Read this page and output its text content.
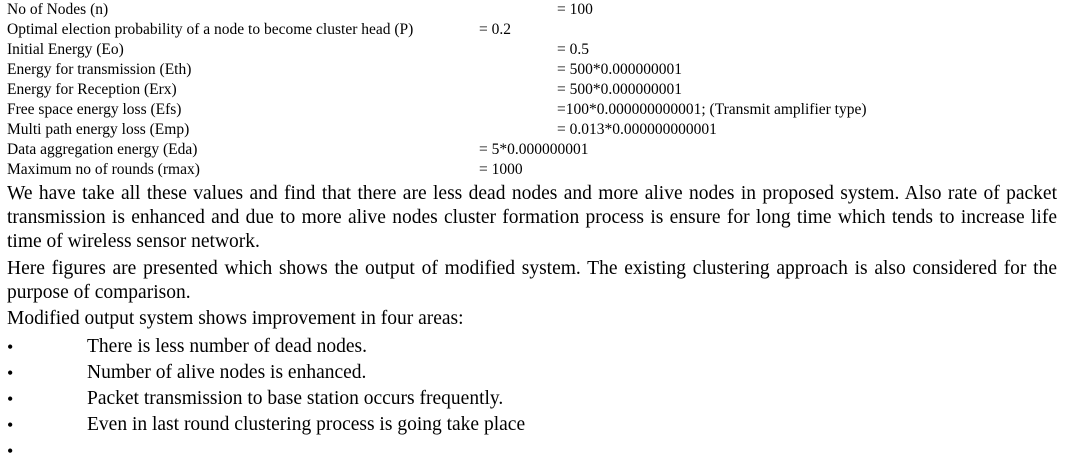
No of Nodes (n)	= 100
Optimal election probability of a node to become cluster head (P)	= 0.2
Initial Energy (Eo)	= 0.5
Energy for transmission (Eth)	= 500*0.000000001
Energy for Reception (Erx)	= 500*0.000000001
Free space energy loss (Efs)	=100*0.000000000001; (Transmit amplifier type)
Multi path energy loss (Emp)	= 0.013*0.000000000001
Data aggregation energy (Eda)	= 5*0.000000001
Maximum no of rounds (rmax)	= 1000
We have take all these values and find that there are less dead nodes and more alive nodes in proposed system. Also rate of packet transmission is enhanced and due to more alive nodes cluster formation process is ensure for long time which tends to increase life time of wireless sensor network.
Here figures are presented which shows the output of modified system. The existing clustering approach is also considered for the purpose of comparison.
Modified output system shows improvement in four areas:
•	There is less number of dead nodes.
•	Number of alive nodes is enhanced.
•	Packet transmission to base station occurs frequently.
•	Even in last round clustering process is going take place
•
